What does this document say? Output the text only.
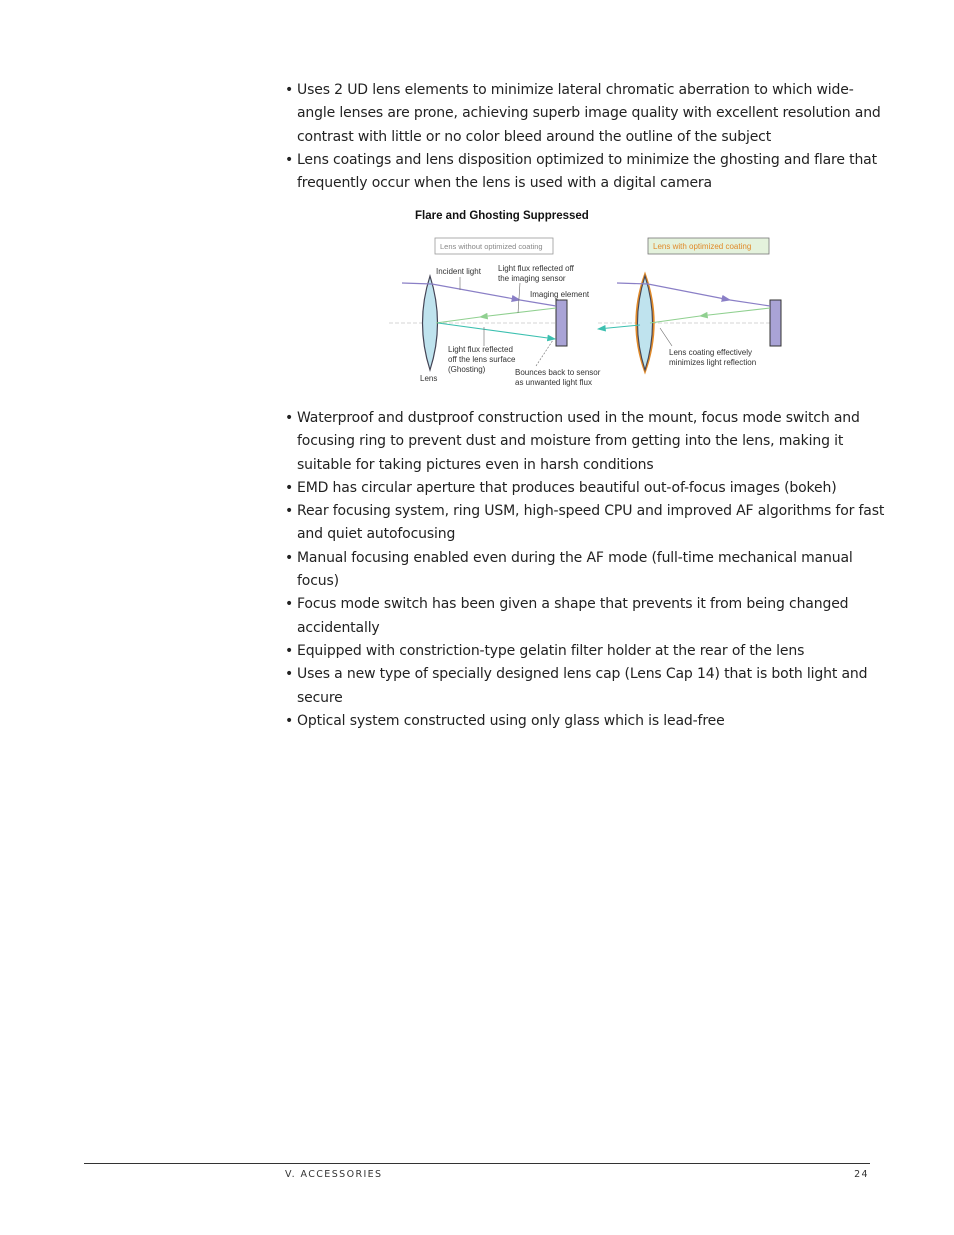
• Uses 2 UD lens elements to minimize lateral chromatic aberration to which wide-angle lenses are prone, achieving superb image quality with excellent resolution and contrast with little or no color bleed around the outline of the subject
• Lens coatings and lens disposition optimized to minimize the ghosting and flare that frequently occur when the lens is used with a digital camera
Flare and Ghosting Suppressed
Lens without optimized coating	Lens with optimized coating
Incident light Light flux reflected off
the imaging sensor
Imaging element
Light flux reflected
off the lens surface
(Ghosting)
Lens
Bounces back to sensor
as unwanted light flux
Lens coating effectively
minimizes light reflection
• Waterproof and dustproof construction used in the mount, focus mode switch and focusing ring to prevent dust and moisture from getting into the lens, making it suitable for taking pictures even in harsh conditions
• EMD has circular aperture that produces beautiful out-of-focus images (bokeh)
• Rear focusing system, ring USM, high-speed CPU and improved AF algorithms for fast and quiet autofocusing
• Manual focusing enabled even during the AF mode (full-time mechanical manual focus)
• Focus mode switch has been given a shape that prevents it from being changed accidentally
• Equipped with constriction-type gelatin filter holder at the rear of the lens
• Uses a new type of specially designed lens cap (Lens Cap 14) that is both light and secure
• Optical system constructed using only glass which is lead-free
V. ACCESSORIES	24
